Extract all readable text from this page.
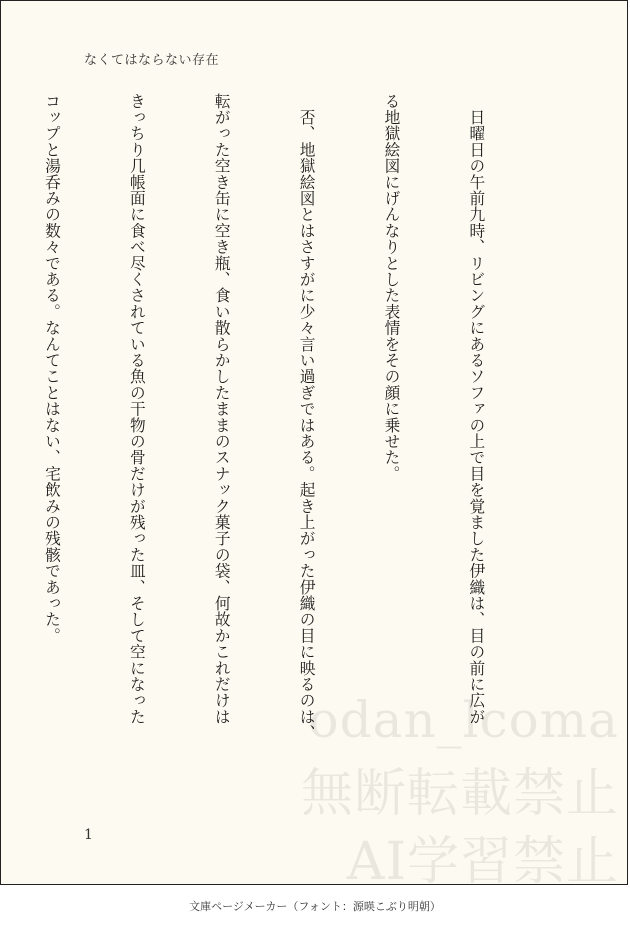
なくてはならない存在

　日曜日の午前九時、リビングにあるソファの上で目を覚ました伊織は、目の前に広が

る地獄絵図にげんなりとした表情をその顔に乗せた。

　否、地獄絵図とはさすがに少々言い過ぎではある。起き上がった伊織の目に映るのは、

転がった空き缶に空き瓶、食い散らかしたままのスナック菓子の袋、何故かこれだけは

きっちり几帳面に食べ尽くされている魚の干物の骨だけが残った皿、そして空になった

コップと湯呑みの数々である。なんてことはない、宅飲みの残骸であった。

odan_lcoma
無断転載禁止
AI学習禁止
1
文庫ページメーカー（フォント：源暎こぶり明朝）
